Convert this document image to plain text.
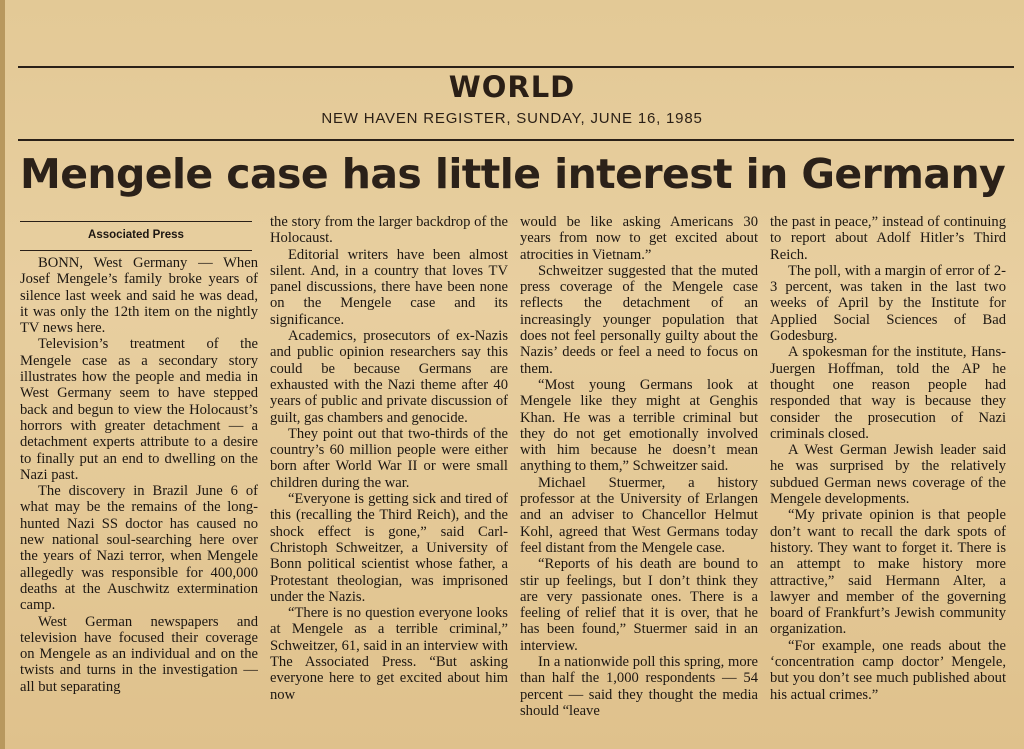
WORLD
NEW HAVEN REGISTER, SUNDAY, JUNE 16, 1985
Mengele case has little interest in Germany
Associated Press

BONN, West Germany — When Josef Mengele’s family broke years of silence last week and said he was dead, it was only the 12th item on the nightly TV news here.

Television’s treatment of the Mengele case as a secondary story illustrates how the people and media in West Germany seem to have stepped back and begun to view the Holocaust’s horrors with greater detachment — a detachment experts attribute to a desire to finally put an end to dwelling on the Nazi past.

The discovery in Brazil June 6 of what may be the remains of the long-hunted Nazi SS doctor has caused no new national soul-searching here over the years of Nazi terror, when Mengele allegedly was responsible for 400,000 deaths at the Auschwitz extermination camp.

West German newspapers and television have focused their coverage on Mengele as an individual and on the twists and turns in the investigation — all but separating

the story from the larger backdrop of the Holocaust.

Editorial writers have been almost silent. And, in a country that loves TV panel discussions, there have been none on the Mengele case and its significance.

Academics, prosecutors of ex-Nazis and public opinion researchers say this could be because Germans are exhausted with the Nazi theme after 40 years of public and private discussion of guilt, gas chambers and genocide.

They point out that two-thirds of the country’s 60 million people were either born after World War II or were small children during the war.

“Everyone is getting sick and tired of this (recalling the Third Reich), and the shock effect is gone,” said Carl-Christoph Schweitzer, a University of Bonn political scientist whose father, a Protestant theologian, was imprisoned under the Nazis.

“There is no question everyone looks at Mengele as a terrible criminal,” Schweitzer, 61, said in an interview with The Associated Press. “But asking everyone here to get excited about him now

would be like asking Americans 30 years from now to get excited about atrocities in Vietnam.”

Schweitzer suggested that the muted press coverage of the Mengele case reflects the detachment of an increasingly younger population that does not feel personally guilty about the Nazis’ deeds or feel a need to focus on them.

“Most young Germans look at Mengele like they might at Genghis Khan. He was a terrible criminal but they do not get emotionally involved with him because he doesn’t mean anything to them,” Schweitzer said.

Michael Stuermer, a history professor at the University of Erlangen and an adviser to Chancellor Helmut Kohl, agreed that West Germans today feel distant from the Mengele case.

“Reports of his death are bound to stir up feelings, but I don’t think they are very passionate ones. There is a feeling of relief that it is over, that he has been found,” Stuermer said in an interview.

In a nationwide poll this spring, more than half the 1,000 respondents — 54 percent — said they thought the media should “leave

the past in peace,” instead of continuing to report about Adolf Hitler’s Third Reich.

The poll, with a margin of error of 2-3 percent, was taken in the last two weeks of April by the Institute for Applied Social Sciences of Bad Godesburg.

A spokesman for the institute, Hans-Juergen Hoffman, told the AP he thought one reason people had responded that way is because they consider the prosecution of Nazi criminals closed.

A West German Jewish leader said he was surprised by the relatively subdued German news coverage of the Mengele developments.

“My private opinion is that people don’t want to recall the dark spots of history. They want to forget it. There is an attempt to make history more attractive,” said Hermann Alter, a lawyer and member of the governing board of Frankfurt’s Jewish community organization.

“For example, one reads about the ‘concentration camp doctor’ Mengele, but you don’t see much published about his actual crimes.”
